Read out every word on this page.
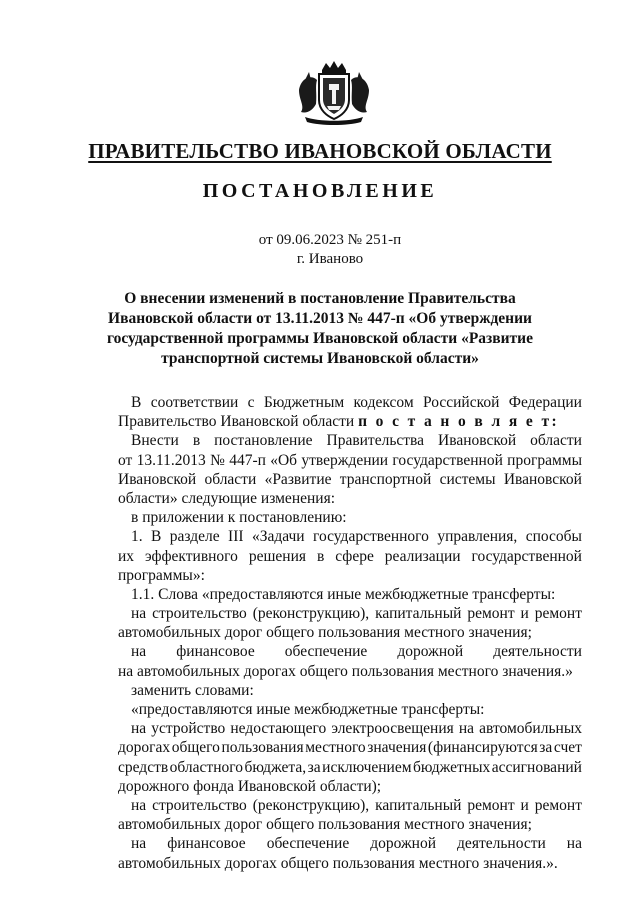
ПРАВИТЕЛЬСТВО ИВАНОВСКОЙ ОБЛАСТИ
ПОСТАНОВЛЕНИЕ
от 09.06.2023 № 251-п
г. Иваново
О внесении изменений в постановление Правительства
Ивановской области от 13.11.2013 № 447-п «Об утверждении
государственной программы Ивановской области «Развитие
транспортной системы Ивановской области»
В соответствии с Бюджетным кодексом Российской Федерации
Правительство Ивановской области п о с т а н о в л я е т:
Внести в постановление Правительства Ивановской области
от 13.11.2013 № 447-п «Об утверждении государственной программы
Ивановской области «Развитие транспортной системы Ивановской
области» следующие изменения:
в приложении к постановлению:
1. В разделе III «Задачи государственного управления, способы
их эффективного решения в сфере реализации государственной
программы»:
1.1. Слова «предоставляются иные межбюджетные трансферты:
на строительство (реконструкцию), капитальный ремонт и ремонт
автомобильных дорог общего пользования местного значения;
на финансовое обеспечение дорожной деятельности
на автомобильных дорогах общего пользования местного значения.»
заменить словами:
«предоставляются иные межбюджетные трансферты:
на устройство недостающего электроосвещения на автомобильных
дорогах общего пользования местного значения (финансируются за счет
средств областного бюджета, за исключением бюджетных ассигнований
дорожного фонда Ивановской области);
на строительство (реконструкцию), капитальный ремонт и ремонт
автомобильных дорог общего пользования местного значения;
на финансовое обеспечение дорожной деятельности на
автомобильных дорогах общего пользования местного значения.».
